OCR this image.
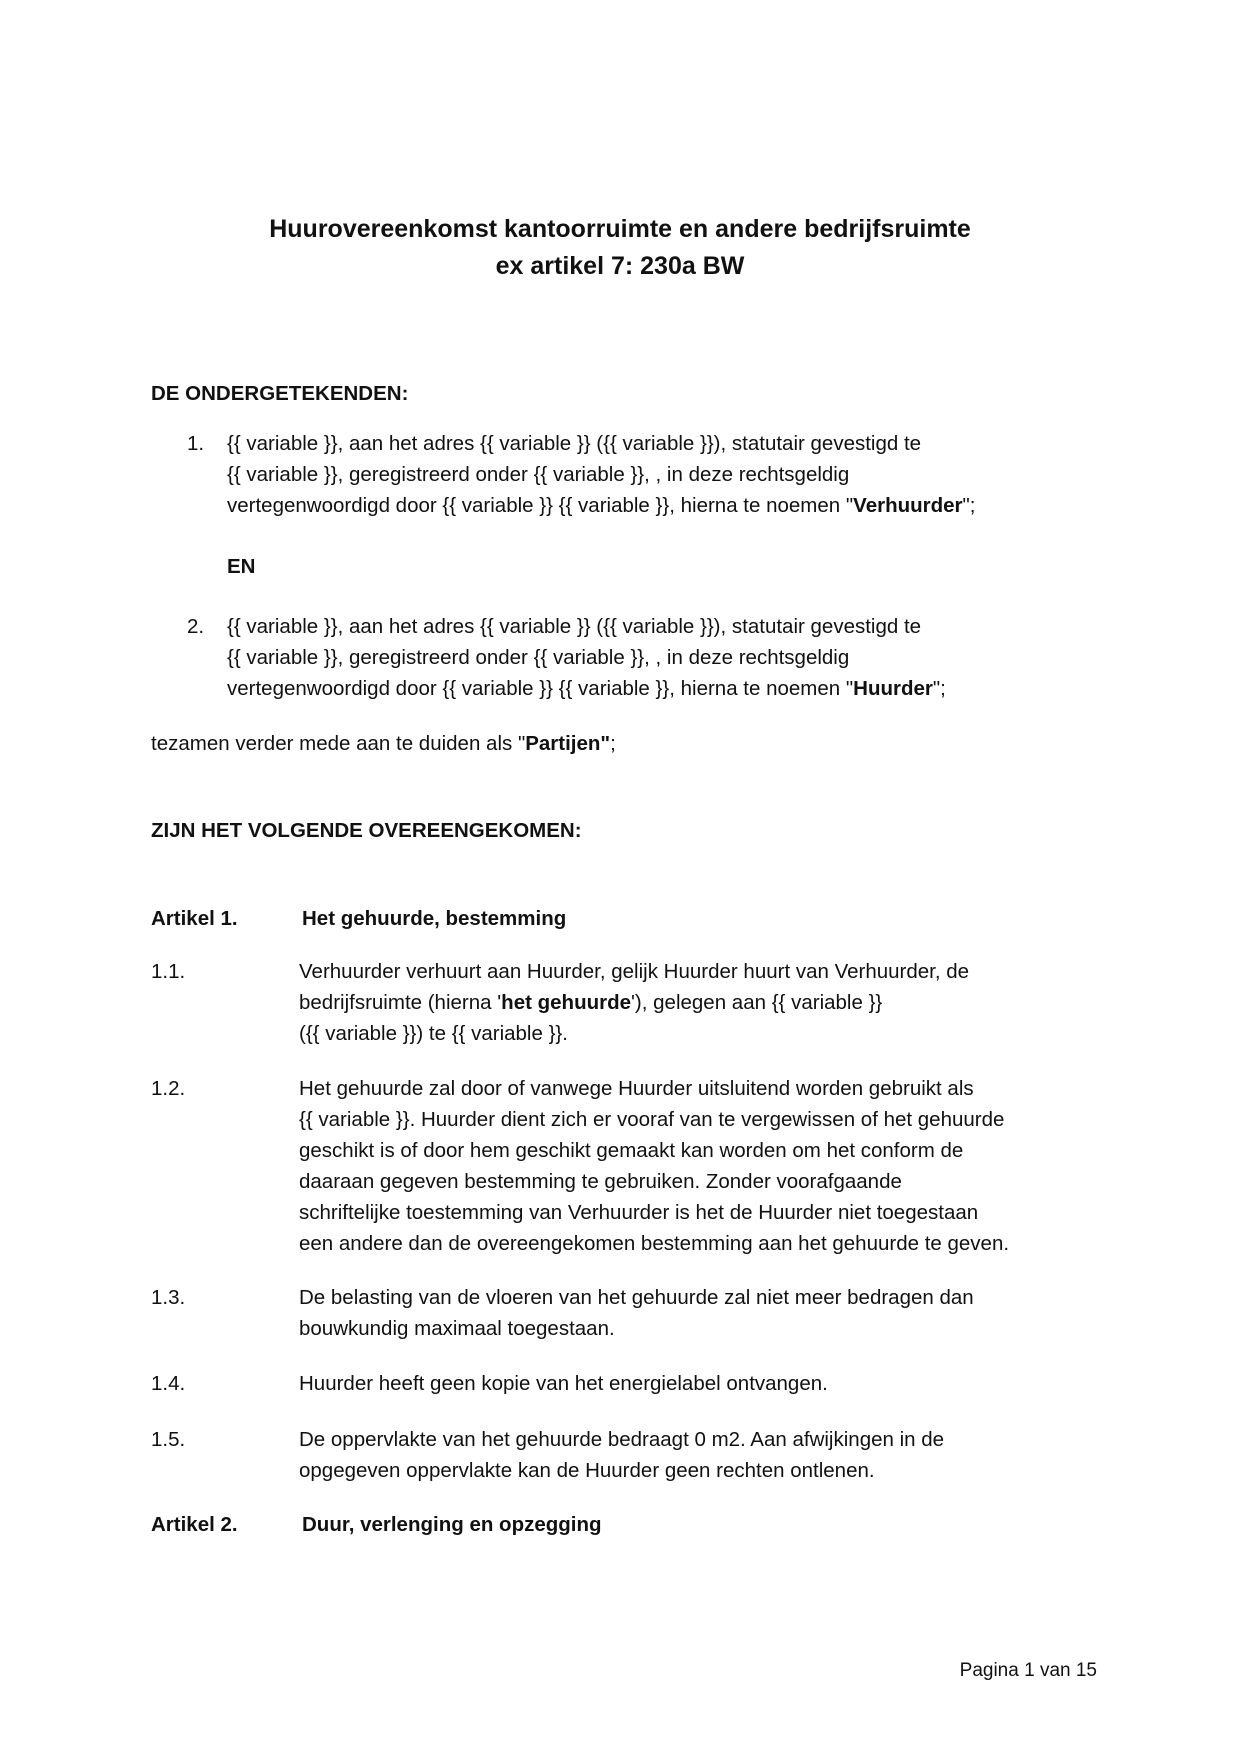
Huurovereenkomst kantoorruimte en andere bedrijfsruimte
ex artikel 7: 230a BW
DE ONDERGETEKENDEN:
1. {{ variable }}, aan het adres {{ variable }} ({{ variable }}), statutair gevestigd te
{{ variable }}, geregistreerd onder {{ variable }}, , in deze rechtsgeldig
vertegenwoordigd door {{ variable }} {{ variable }}, hierna te noemen "Verhuurder";
EN
2. {{ variable }}, aan het adres {{ variable }} ({{ variable }}), statutair gevestigd te
{{ variable }}, geregistreerd onder {{ variable }}, , in deze rechtsgeldig
vertegenwoordigd door {{ variable }} {{ variable }}, hierna te noemen "Huurder";
tezamen verder mede aan te duiden als "Partijen";
ZIJN HET VOLGENDE OVEREENGEKOMEN:
Artikel 1.	Het gehuurde, bestemming
1.1.	Verhuurder verhuurt aan Huurder, gelijk Huurder huurt van Verhuurder, de
bedrijfsruimte (hierna 'het gehuurde'), gelegen aan {{ variable }}
({{ variable }}) te {{ variable }}.
1.2.	Het gehuurde zal door of vanwege Huurder uitsluitend worden gebruikt als
{{ variable }}. Huurder dient zich er vooraf van te vergewissen of het gehuurde
geschikt is of door hem geschikt gemaakt kan worden om het conform de
daaraan gegeven bestemming te gebruiken. Zonder voorafgaande
schriftelijke toestemming van Verhuurder is het de Huurder niet toegestaan
een andere dan de overeengekomen bestemming aan het gehuurde te geven.
1.3.	De belasting van de vloeren van het gehuurde zal niet meer bedragen dan
bouwkundig maximaal toegestaan.
1.4.	Huurder heeft geen kopie van het energielabel ontvangen.
1.5.	De oppervlakte van het gehuurde bedraagt 0 m2. Aan afwijkingen in de
opgegeven oppervlakte kan de Huurder geen rechten ontlenen.
Artikel 2.	Duur, verlenging en opzegging
Pagina 1 van 15
